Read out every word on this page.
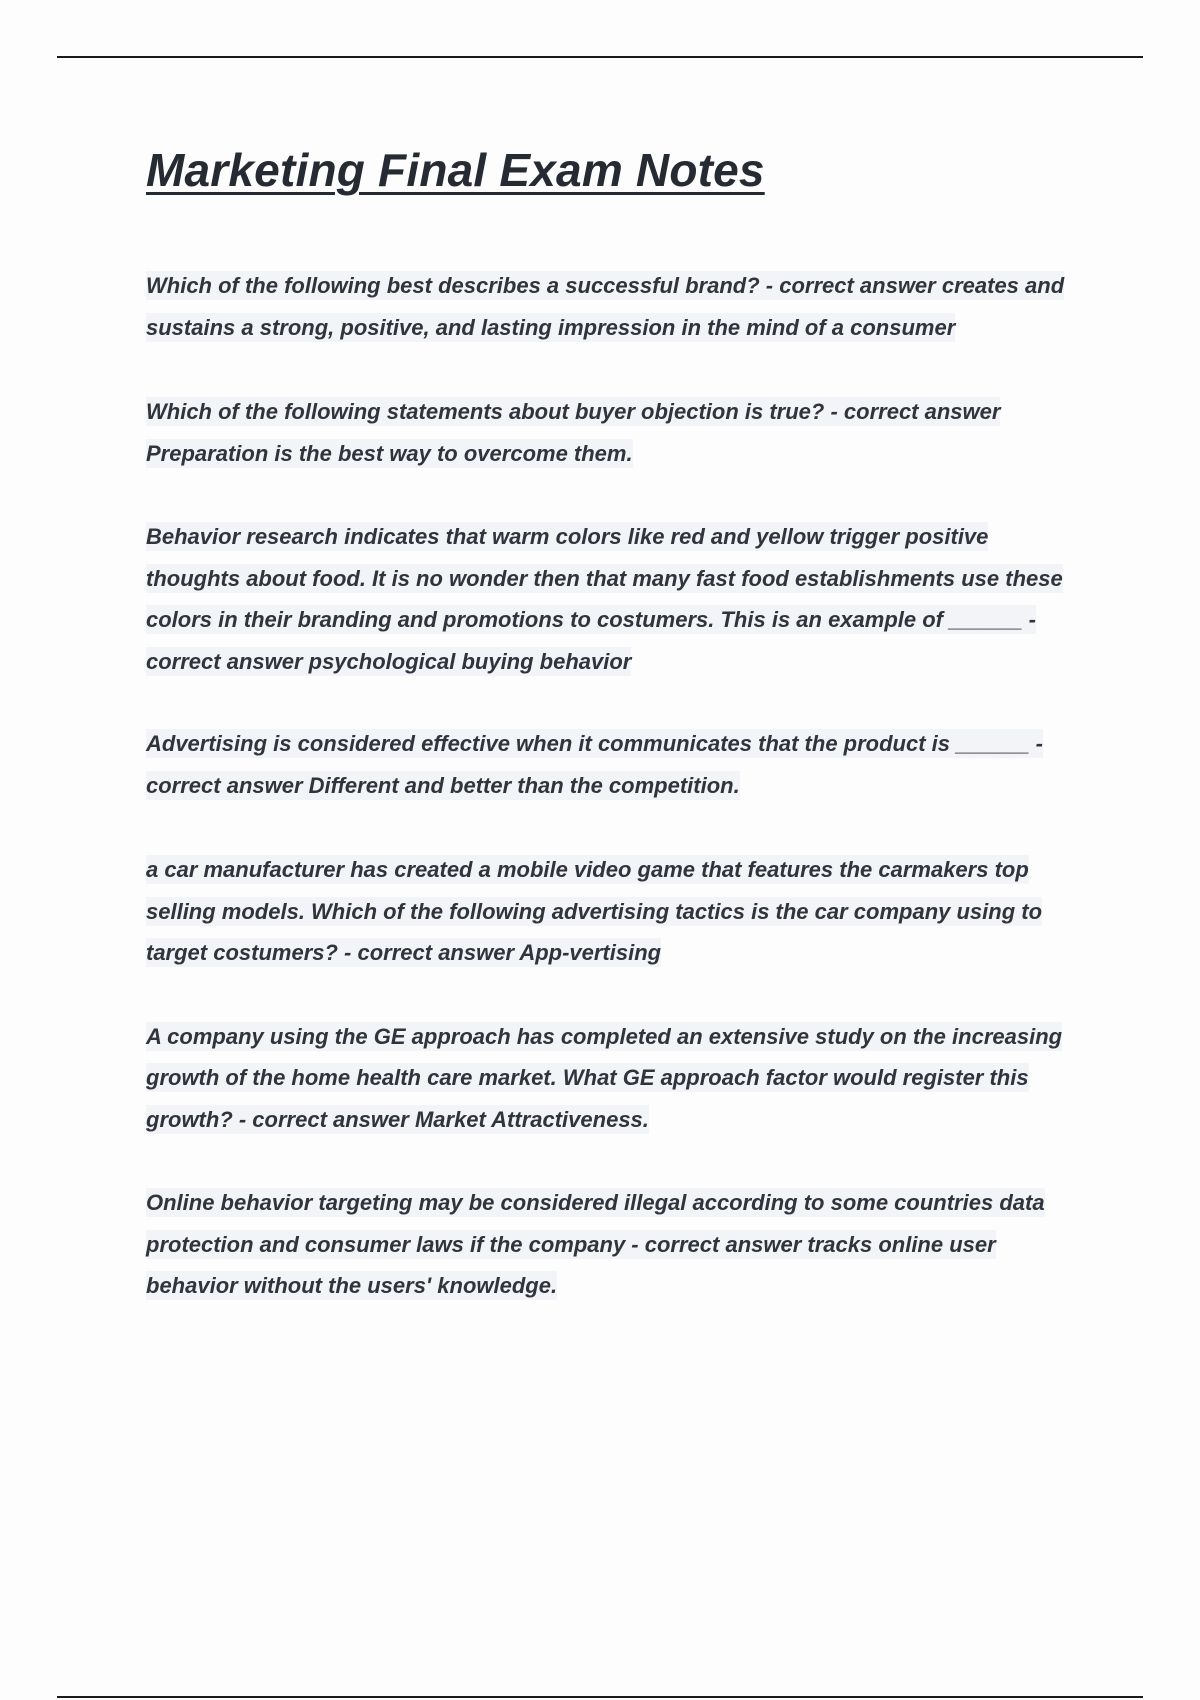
Marketing Final Exam Notes

Which of the following best describes a successful brand? - correct answer creates and sustains a strong, positive, and lasting impression in the mind of a consumer

Which of the following statements about buyer objection is true? - correct answer Preparation is the best way to overcome them.

Behavior research indicates that warm colors like red and yellow trigger positive thoughts about food. It is no wonder then that many fast food establishments use these colors in their branding and promotions to costumers. This is an example of ______ - correct answer psychological buying behavior

Advertising is considered effective when it communicates that the product is ______ - correct answer Different and better than the competition.

a car manufacturer has created a mobile video game that features the carmakers top selling models. Which of the following advertising tactics is the car company using to target costumers? - correct answer App-vertising

A company using the GE approach has completed an extensive study on the increasing growth of the home health care market. What GE approach factor would register this growth? - correct answer Market Attractiveness.

Online behavior targeting may be considered illegal according to some countries data protection and consumer laws if the company - correct answer tracks online user behavior without the users' knowledge.
